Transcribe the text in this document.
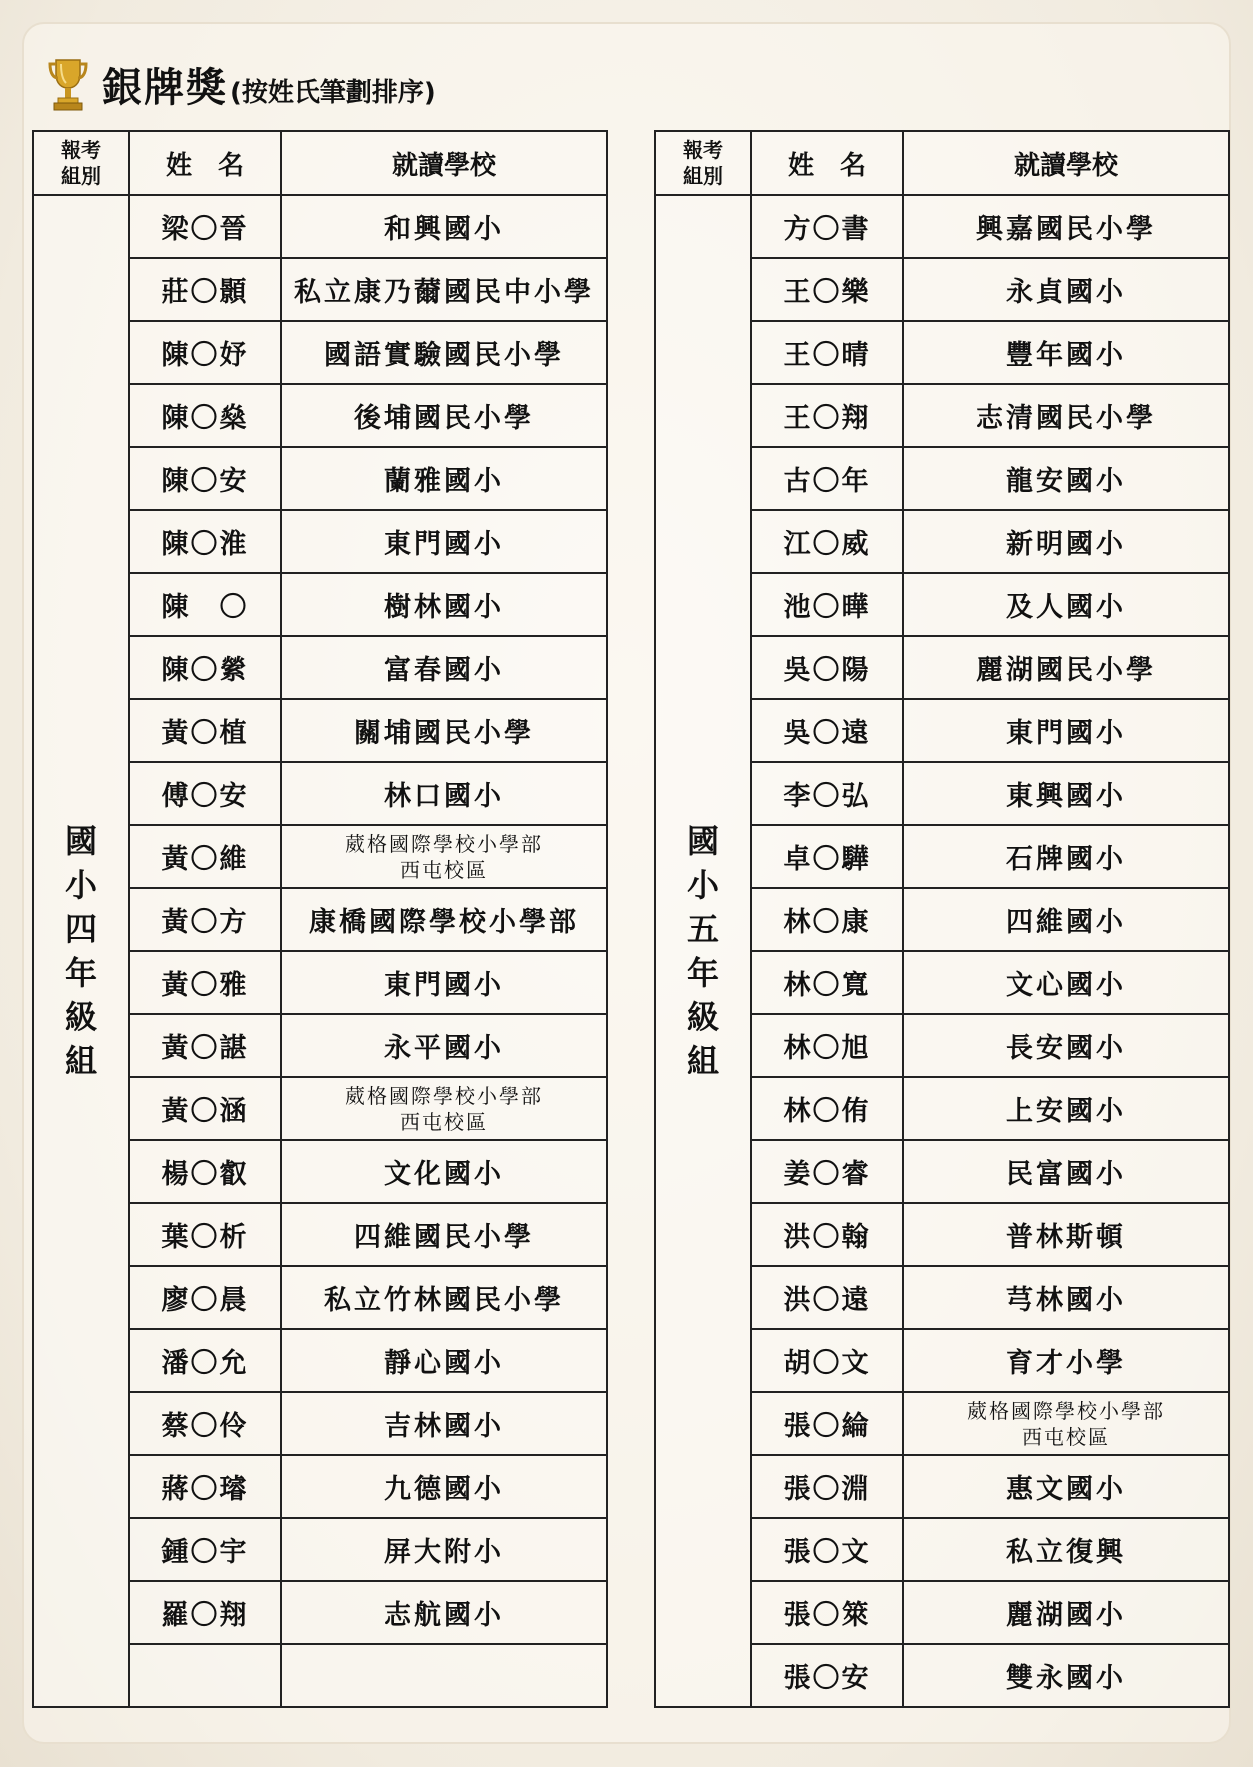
銀牌獎 (按姓氏筆劃排序)
報考
組別	姓　名	就讀學校
國小四年級組	梁〇晉	和興國小
	莊〇顥	私立康乃薾國民中小學
	陳〇妤	國語實驗國民小學
	陳〇燊	後埔國民小學
	陳〇安	蘭雅國小
	陳〇淮	東門國小
	陳　〇	樹林國小
	陳〇縈	富春國小
	黃〇植	關埔國民小學
	傅〇安	林口國小
	黃〇維	葳格國際學校小學部
西屯校區
	黃〇方	康橋國際學校小學部
	黃〇雅	東門國小
	黃〇諶	永平國小
	黃〇涵	葳格國際學校小學部
西屯校區
	楊〇叡	文化國小
	葉〇析	四維國民小學
	廖〇晨	私立竹林國民小學
	潘〇允	靜心國小
	蔡〇伶	吉林國小
	蔣〇璿	九德國小
	鍾〇宇	屏大附小
	羅〇翔	志航國小

報考
組別	姓　名	就讀學校
國小五年級組	方〇書	興嘉國民小學
	王〇樂	永貞國小
	王〇晴	豐年國小
	王〇翔	志清國民小學
	古〇年	龍安國小
	江〇威	新明國小
	池〇曄	及人國小
	吳〇陽	麗湖國民小學
	吳〇遠	東門國小
	李〇弘	東興國小
	卓〇驊	石牌國小
	林〇康	四維國小
	林〇寬	文心國小
	林〇旭	長安國小
	林〇侑	上安國小
	姜〇睿	民富國小
	洪〇翰	普林斯頓
	洪〇遠	芎林國小
	胡〇文	育才小學
	張〇綸	葳格國際學校小學部
西屯校區
	張〇淵	惠文國小
	張〇文	私立復興
	張〇箂	麗湖國小
	張〇安	雙永國小
